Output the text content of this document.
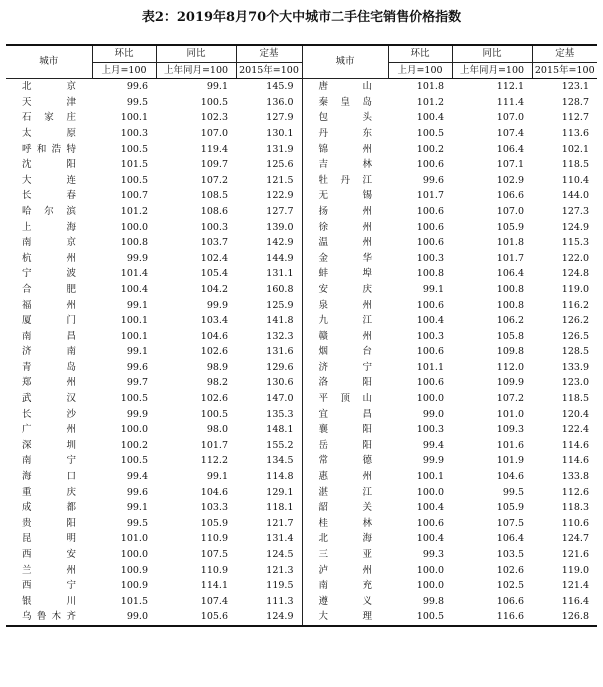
表2：2019年8月70个大中城市二手住宅销售价格指数
城市	环比	同比	定基	城市	环比	同比	定基
	上月=100	上年同月=100	2015年=100		上月=100	上年同月=100	2015年=100
北京	99.6	99.1	145.9	唐山	101.8	112.1	123.1
天津	99.5	100.5	136.0	秦皇岛	101.2	111.4	128.7
石家庄	100.1	102.3	127.9	包头	100.4	107.0	112.7
太原	100.3	107.0	130.1	丹东	100.5	107.4	113.6
呼和浩特	100.5	119.4	131.9	锦州	100.2	106.4	102.1
沈阳	101.5	109.7	125.6	吉林	100.6	107.1	118.5
大连	100.5	107.2	121.5	牡丹江	99.6	102.9	110.4
长春	100.7	108.5	122.9	无锡	101.7	106.6	144.0
哈尔滨	101.2	108.6	127.7	扬州	100.6	107.0	127.3
上海	100.0	100.3	139.0	徐州	100.6	105.9	124.9
南京	100.8	103.7	142.9	温州	100.6	101.8	115.3
杭州	99.9	102.4	144.9	金华	100.3	101.7	122.0
宁波	101.4	105.4	131.1	蚌埠	100.8	106.4	124.8
合肥	100.4	104.2	160.8	安庆	99.1	100.8	119.0
福州	99.1	99.9	125.9	泉州	100.6	100.8	116.2
厦门	100.1	103.4	141.8	九江	100.4	106.2	126.2
南昌	100.1	104.6	132.3	赣州	100.3	105.8	126.5
济南	99.1	102.6	131.6	烟台	100.6	109.8	128.5
青岛	99.6	98.9	129.6	济宁	101.1	112.0	133.9
郑州	99.7	98.2	130.6	洛阳	100.6	109.9	123.0
武汉	100.5	102.6	147.0	平顶山	100.0	107.2	118.5
长沙	99.9	100.5	135.3	宜昌	99.0	101.0	120.4
广州	100.0	98.0	148.1	襄阳	100.3	109.3	122.4
深圳	100.2	101.7	155.2	岳阳	99.4	101.6	114.6
南宁	100.5	112.2	134.5	常德	99.9	101.9	114.6
海口	99.4	99.1	114.8	惠州	100.1	104.6	133.8
重庆	99.6	104.6	129.1	湛江	100.0	99.5	112.6
成都	99.1	103.3	118.1	韶关	100.4	105.9	118.3
贵阳	99.5	105.9	121.7	桂林	100.6	107.5	110.6
昆明	101.0	110.9	131.4	北海	100.4	106.4	124.7
西安	100.0	107.5	124.5	三亚	99.3	103.5	121.6
兰州	100.9	110.9	121.3	泸州	100.0	102.6	119.0
西宁	100.9	114.1	119.5	南充	100.0	102.5	121.4
银川	101.5	107.4	111.3	遵义	99.8	106.6	116.4
乌鲁木齐	99.0	105.6	124.9	大理	100.5	116.6	126.8
